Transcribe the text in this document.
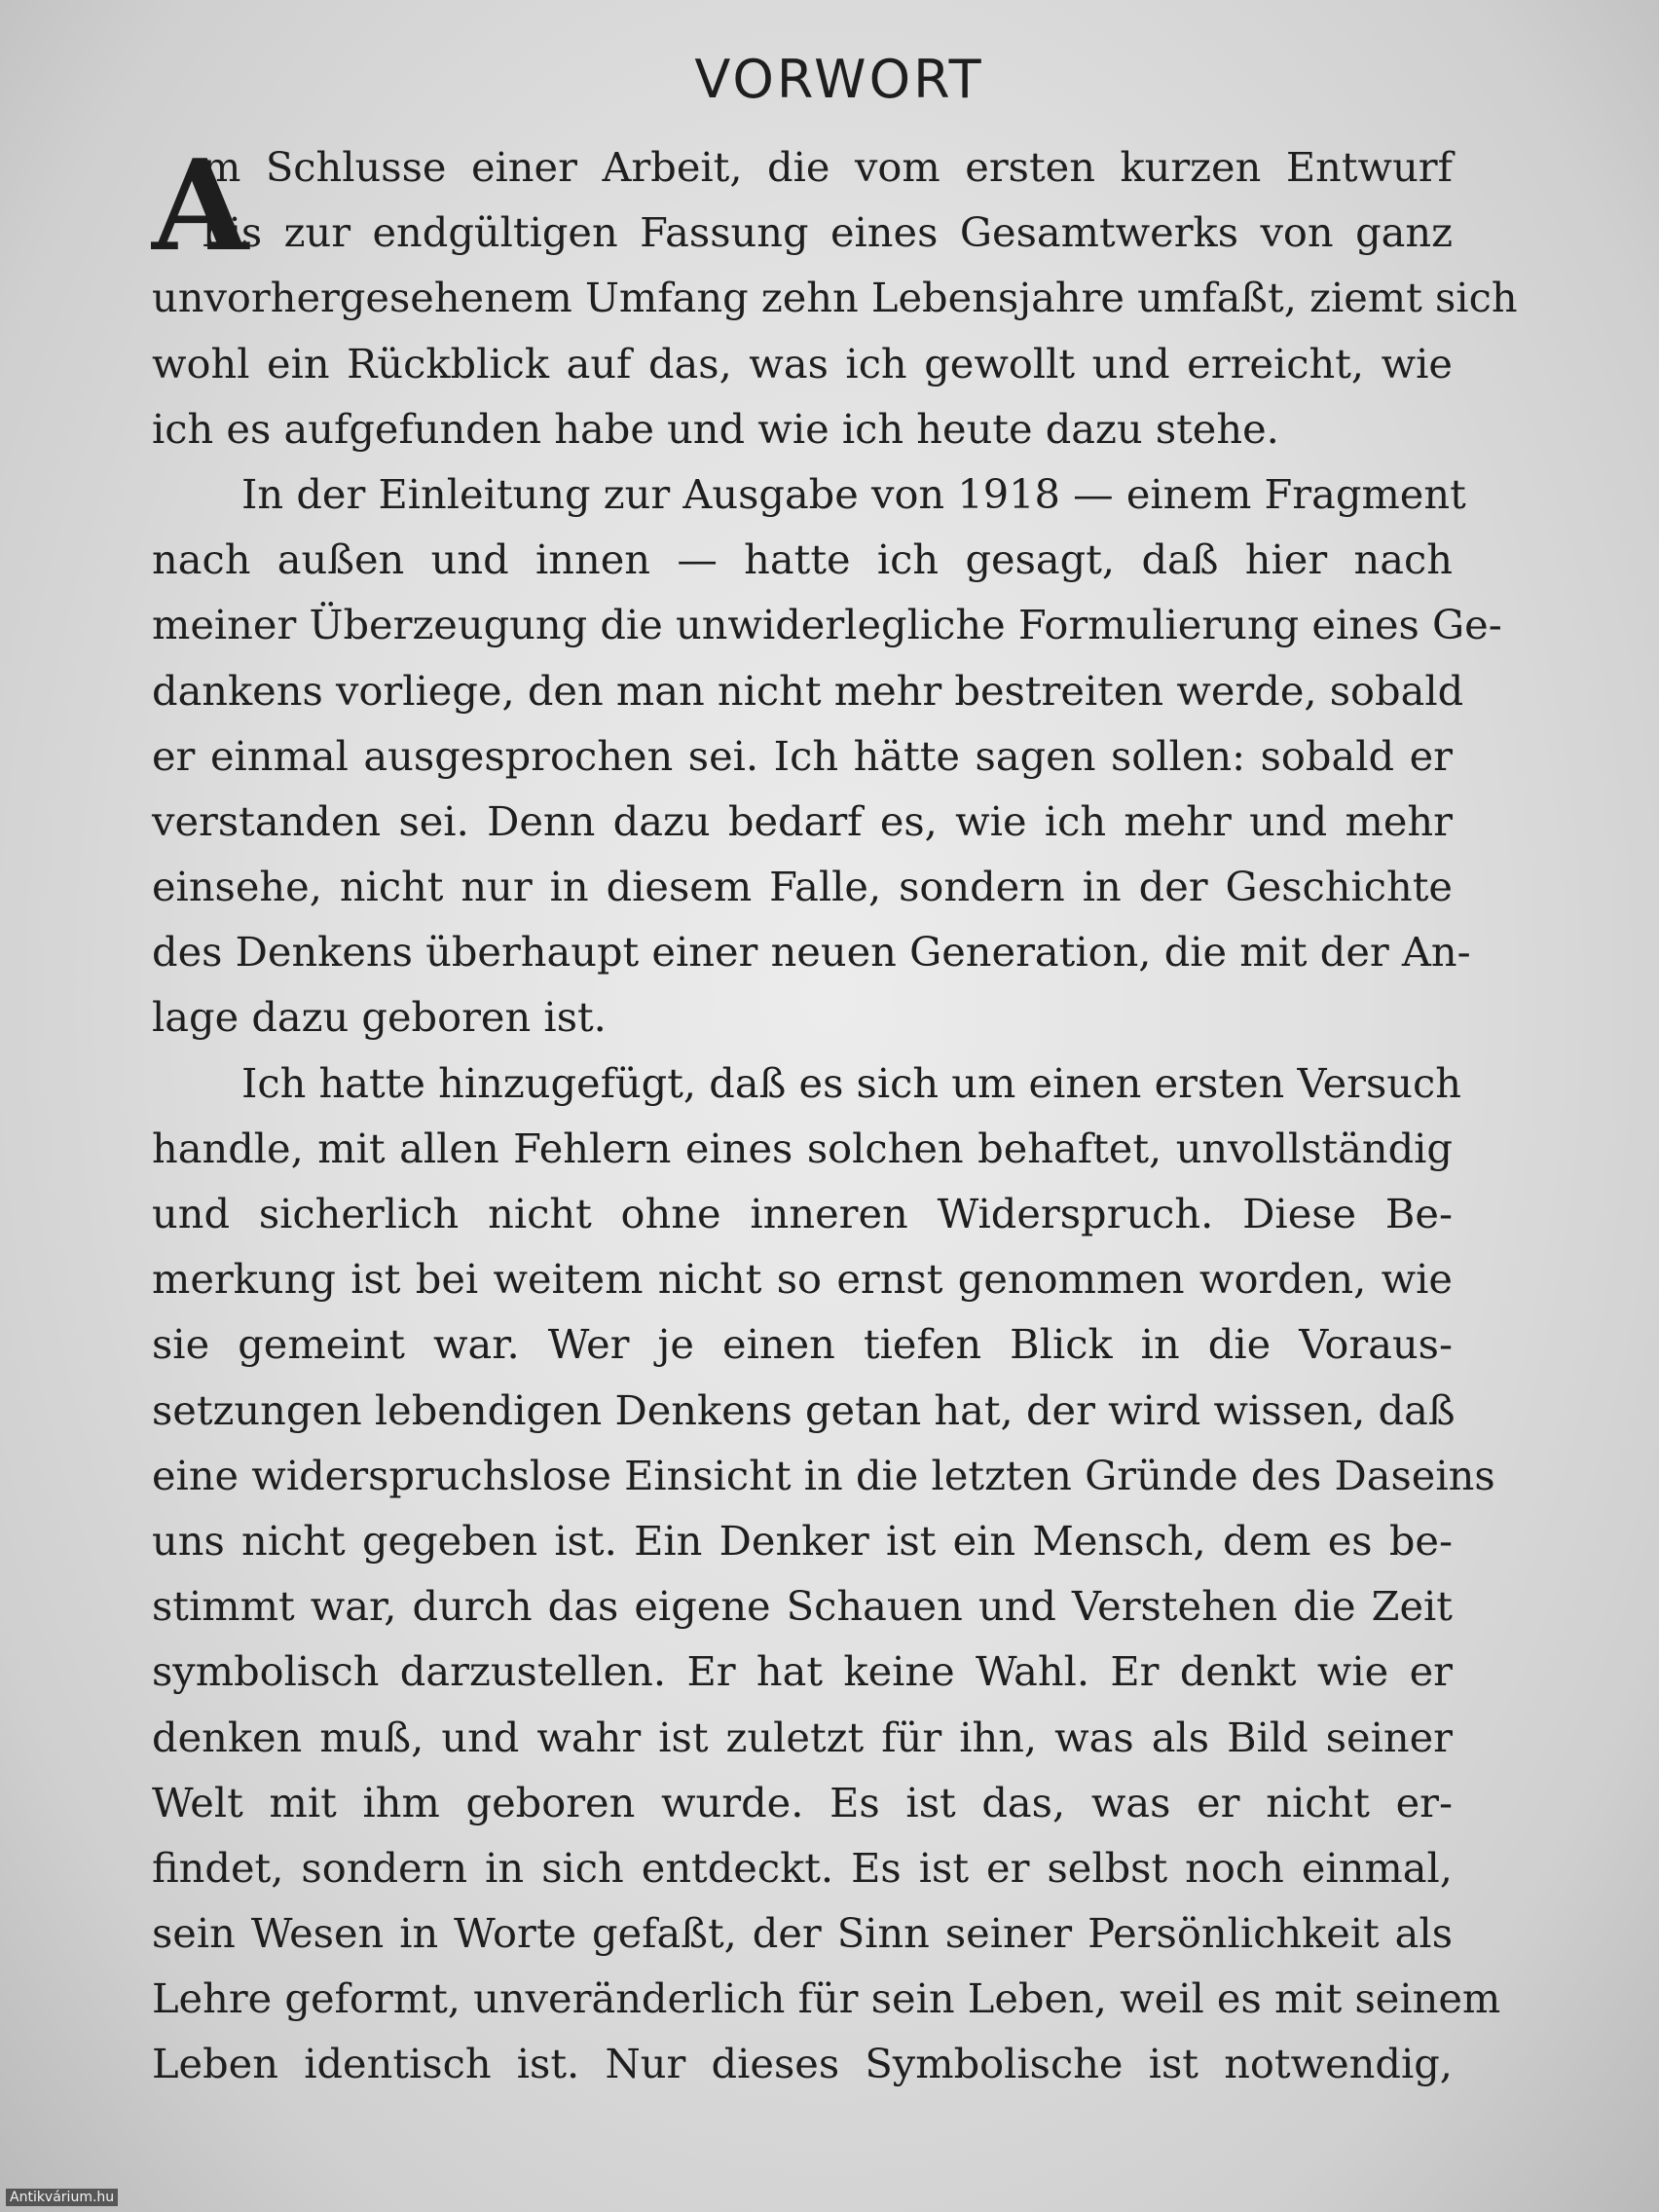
VORWORT
A
m Schlusse einer Arbeit, die vom ersten kurzen Entwurf
bis zur endgültigen Fassung eines Gesamtwerks von ganz
unvorhergesehenem Umfang zehn Lebensjahre umfaßt, ziemt sich
wohl ein Rückblick auf das, was ich gewollt und erreicht, wie
ich es aufgefunden habe und wie ich heute dazu stehe.
In der Einleitung zur Ausgabe von 1918 — einem Fragment
nach außen und innen — hatte ich gesagt, daß hier nach
meiner Überzeugung die unwiderlegliche Formulierung eines Ge-
dankens vorliege, den man nicht mehr bestreiten werde, sobald
er einmal ausgesprochen sei. Ich hätte sagen sollen: sobald er
verstanden sei. Denn dazu bedarf es, wie ich mehr und mehr
einsehe, nicht nur in diesem Falle, sondern in der Geschichte
des Denkens überhaupt einer neuen Generation, die mit der An-
lage dazu geboren ist.
Ich hatte hinzugefügt, daß es sich um einen ersten Versuch
handle, mit allen Fehlern eines solchen behaftet, unvollständig
und sicherlich nicht ohne inneren Widerspruch. Diese Be-
merkung ist bei weitem nicht so ernst genommen worden, wie
sie gemeint war. Wer je einen tiefen Blick in die Voraus-
setzungen lebendigen Denkens getan hat, der wird wissen, daß
eine widerspruchslose Einsicht in die letzten Gründe des Daseins
uns nicht gegeben ist. Ein Denker ist ein Mensch, dem es be-
stimmt war, durch das eigene Schauen und Verstehen die Zeit
symbolisch darzustellen. Er hat keine Wahl. Er denkt wie er
denken muß, und wahr ist zuletzt für ihn, was als Bild seiner
Welt mit ihm geboren wurde. Es ist das, was er nicht er-
findet, sondern in sich entdeckt. Es ist er selbst noch einmal,
sein Wesen in Worte gefaßt, der Sinn seiner Persönlichkeit als
Lehre geformt, unveränderlich für sein Leben, weil es mit seinem
Leben identisch ist. Nur dieses Symbolische ist notwendig,
Antikvárium.hu
